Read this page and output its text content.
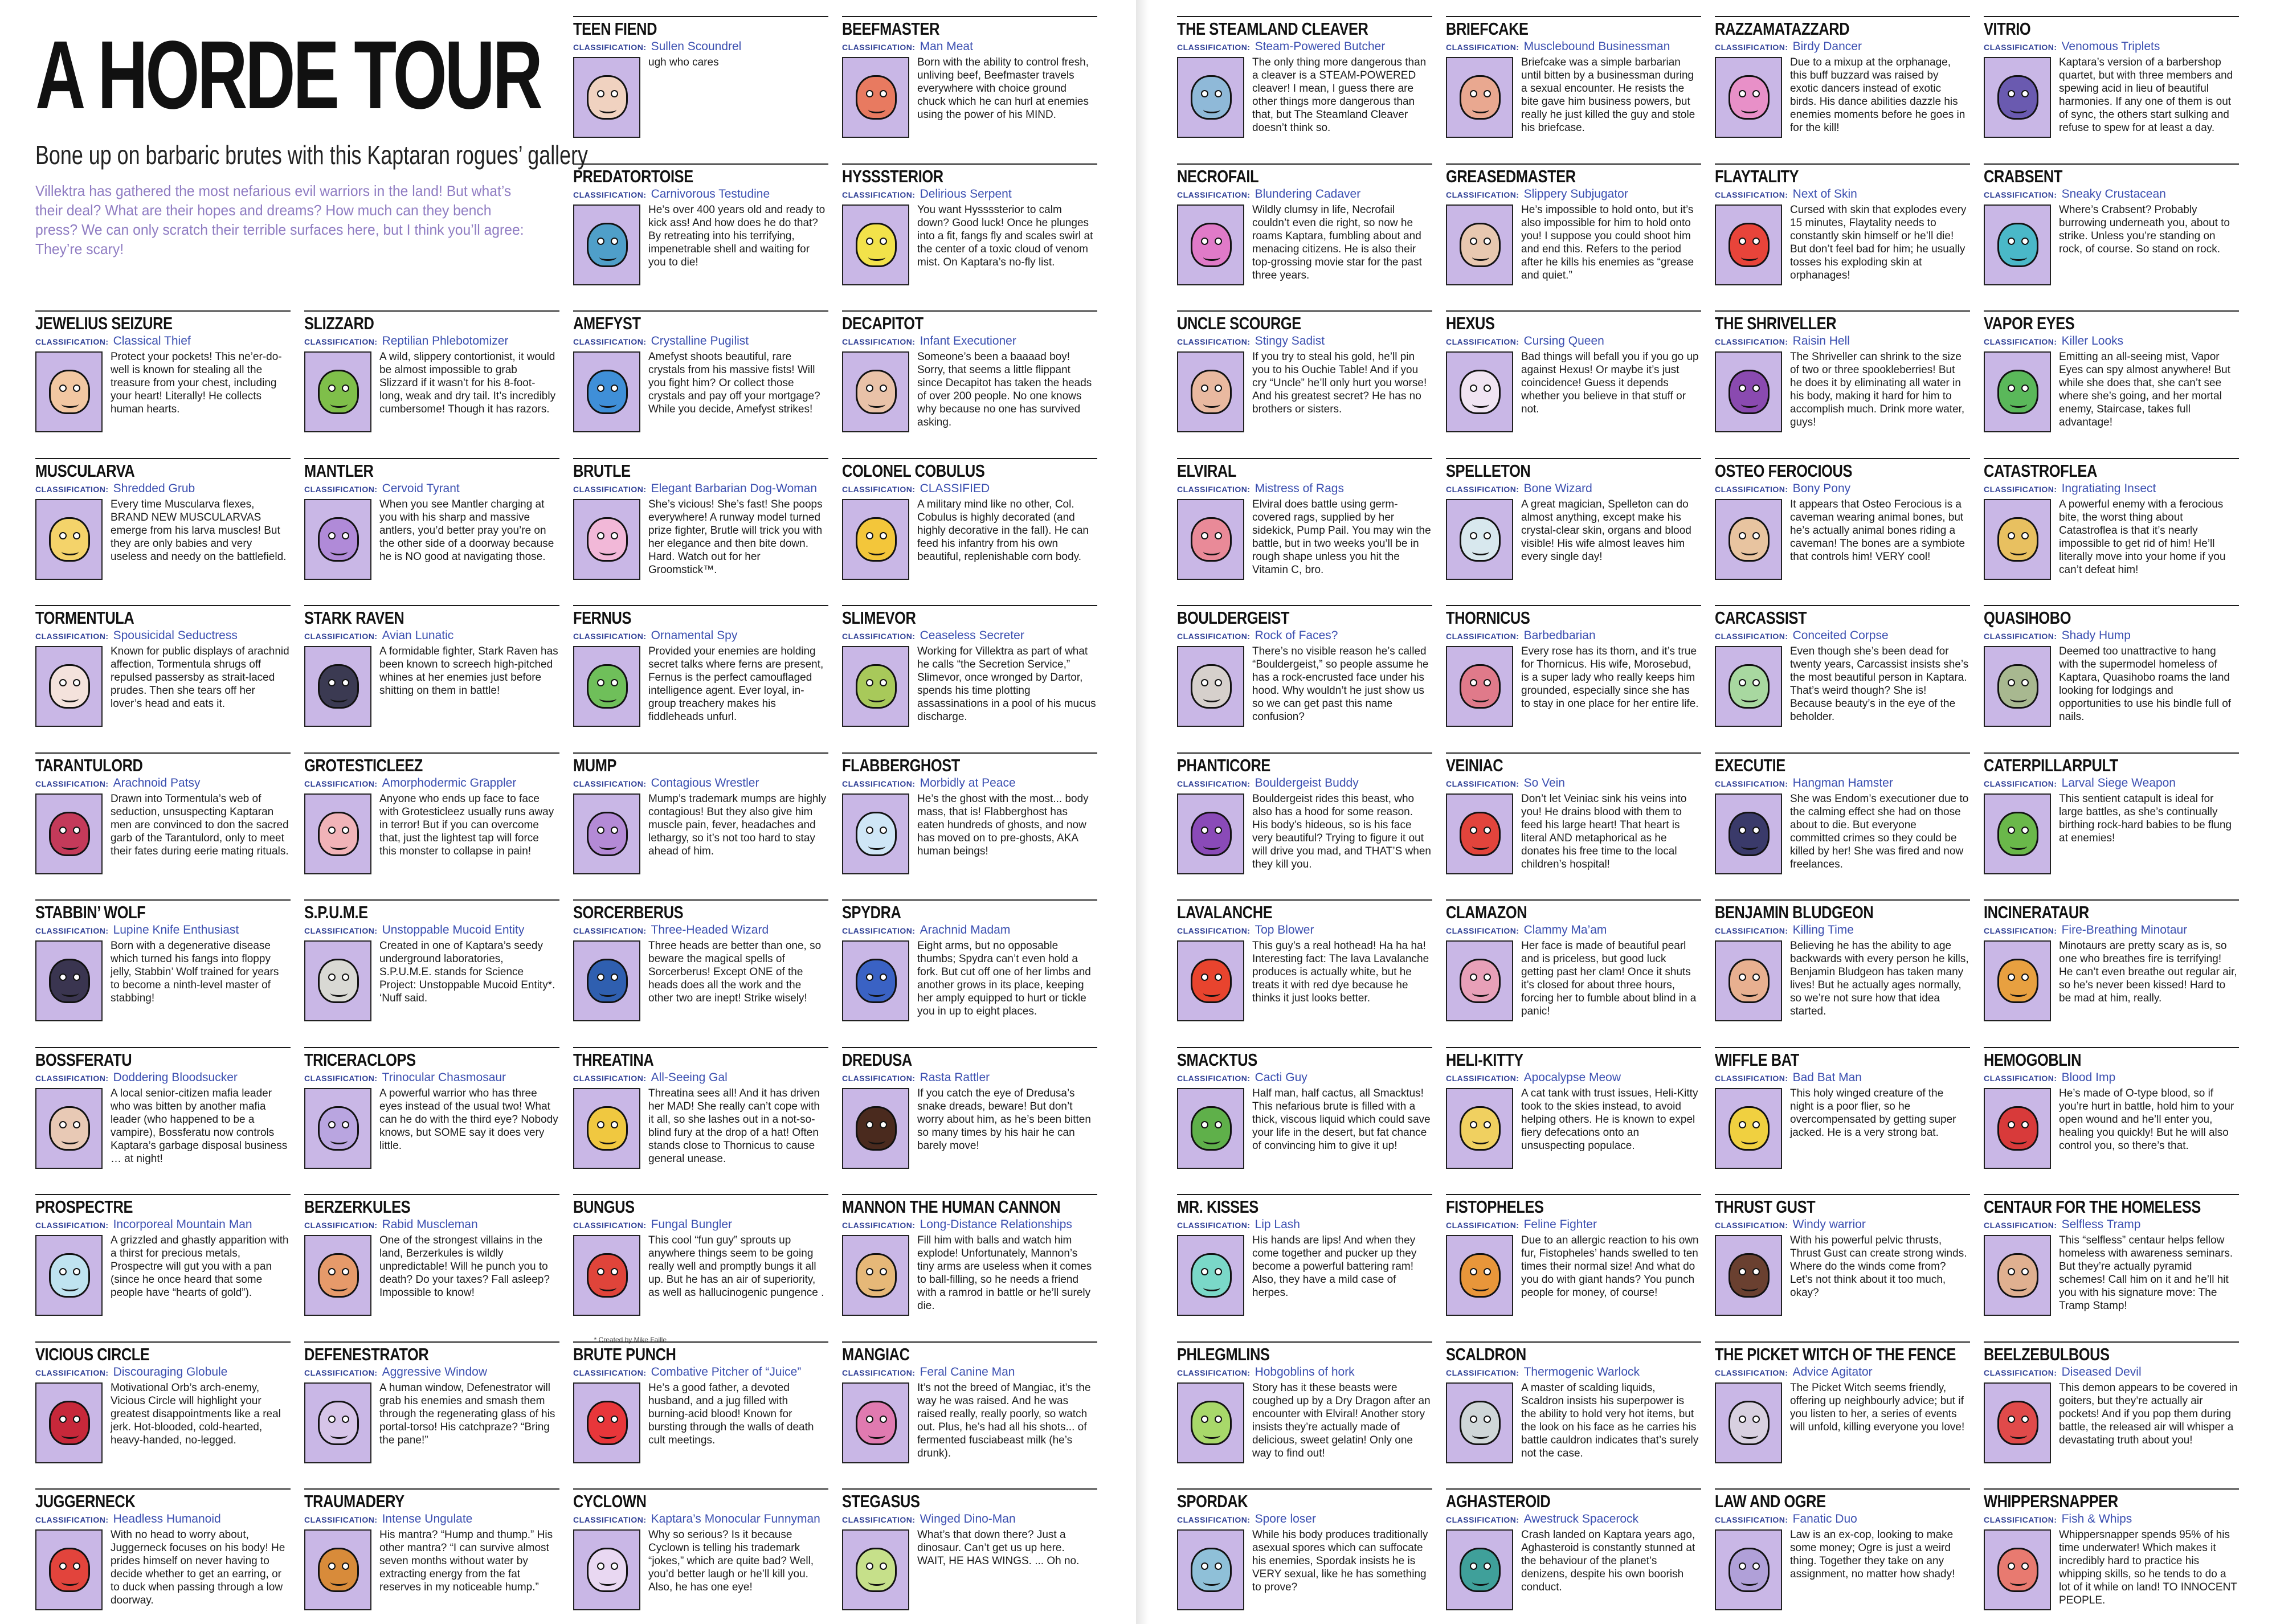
A HORDE TOUR
Bone up on barbaric brutes with this Kaptaran rogues’ gallery
Villektra has gathered the most nefarious evil warriors in the land! But what’s their deal? What are their hopes and dreams? How much can they bench press? We can only scratch their terrible surfaces here, but I think you’ll agree: They’re scary!
* Created by Mike Faille
JEWELIUS SEIZURE
CLASSIFICATION: Classical Thief
Protect your pockets! This ne’er-do-well is known for stealing all the treasure from your chest, including your heart! Literally! He collects human hearts.
MUSCULARVA
CLASSIFICATION: Shredded Grub
Every time Muscularva flexes, BRAND NEW MUSCULARVAS emerge from his larva muscles! But they are only babies and very useless and needy on the battlefield.
TORMENTULA
CLASSIFICATION: Spousicidal Seductress
Known for public displays of arachnid affection, Tormentula shrugs off repulsed passersby as strait-laced prudes. Then she tears off her lover’s head and eats it.
TARANTULORD
CLASSIFICATION: Arachnoid Patsy
Drawn into Tormentula’s web of seduction, unsuspecting Kaptaran men are convinced to don the sacred garb of the Tarantulord, only to meet their fates during eerie mating rituals.
STABBIN’ WOLF
CLASSIFICATION: Lupine Knife Enthusiast
Born with a degenerative disease which turned his fangs into floppy jelly, Stabbin’ Wolf trained for years to become a ninth-level master of stabbing!
BOSSFERATU
CLASSIFICATION: Doddering Bloodsucker
A local senior-citizen mafia leader who was bitten by another mafia leader (who happened to be a vampire), Bossferatu now controls Kaptara’s garbage disposal business … at night!
PROSPECTRE
CLASSIFICATION: Incorporeal Mountain Man
A grizzled and ghastly apparition with a thirst for precious metals, Prospectre will gut you with a pan (since he once heard that some people have “hearts of gold”).
VICIOUS CIRCLE
CLASSIFICATION: Discouraging Globule
Motivational Orb’s arch-enemy, Vicious Circle will highlight your greatest disappointments like a real jerk. Hot-blooded, cold-hearted, heavy-handed, no-legged.
JUGGERNECK
CLASSIFICATION: Headless Humanoid
With no head to worry about, Juggerneck focuses on his body! He prides himself on never having to decide whether to get an earring, or to duck when passing through a low doorway.
SLIZZARD
CLASSIFICATION: Reptilian Phlebotomizer
A wild, slippery contortionist, it would be almost impossible to grab Slizzard if it wasn’t for his 8-foot-long, weak and dry tail. It’s incredibly cumbersome! Though it has razors.
MANTLER
CLASSIFICATION: Cervoid Tyrant
When you see Mantler charging at you with his sharp and massive antlers, you’d better pray you’re on the other side of a doorway because he is NO good at navigating those.
STARK RAVEN
CLASSIFICATION: Avian Lunatic
A formidable fighter, Stark Raven has been known to screech high-pitched whines at her enemies just before shitting on them in battle!
GROTESTICLEEZ
CLASSIFICATION: Amorphodermic Grappler
Anyone who ends up face to face with Grotesticleez usually runs away in terror! But if you can overcome that, just the lightest tap will force this monster to collapse in pain!
S.P.U.M.E
CLASSIFICATION: Unstoppable Mucoid Entity
Created in one of Kaptara’s seedy underground laboratories, S.P.U.M.E. stands for Science Project: Unstoppable Mucoid Entity*. ‘Nuff said.
TRICERACLOPS
CLASSIFICATION: Trinocular Chasmosaur
A powerful warrior who has three eyes instead of the usual two! What can he do with the third eye? Nobody knows, but SOME say it does very little.
BERZERKULES
CLASSIFICATION: Rabid Muscleman
One of the strongest villains in the land, Berzerkules is wildly unpredictable! Will he punch you to death? Do your taxes? Fall asleep? Impossible to know!
DEFENESTRATOR
CLASSIFICATION: Aggressive Window
A human window, Defenestrator will grab his enemies and smash them through the regenerating glass of his portal-torso! His catchpraze? “Bring the pane!”
TRAUMADERY
CLASSIFICATION: Intense Ungulate
His mantra? “Hump and thump.” His other mantra? “I can survive almost seven months without water by extracting energy from the fat reserves in my noticeable hump.”
TEEN FIEND
CLASSIFICATION: Sullen Scoundrel
ugh who cares
PREDATORTOISE
CLASSIFICATION: Carnivorous Testudine
He’s over 400 years old and ready to kick ass! And how does he do that? By retreating into his terrifying, impenetrable shell and waiting for you to die!
AMEFYST
CLASSIFICATION: Crystalline Pugilist
Amefyst shoots beautiful, rare crystals from his massive fists! Will you fight him? Or collect those crystals and pay off your mortgage? While you decide, Amefyst strikes!
BRUTLE
CLASSIFICATION: Elegant Barbarian Dog-Woman
She’s vicious! She’s fast! She poops everywhere! A runway model turned prize fighter, Brutle will trick you with her elegance and then bite down. Hard. Watch out for her Groomstick™.
FERNUS
CLASSIFICATION: Ornamental Spy
Provided your enemies are holding secret talks where ferns are present, Fernus is the perfect camouflaged intelligence agent. Ever loyal, in-group treachery makes his fiddleheads unfurl.
MUMP
CLASSIFICATION: Contagious Wrestler
Mump’s trademark mumps are highly contagious! But they also give him muscle pain, fever, headaches and lethargy, so it’s not too hard to stay ahead of him.
SORCERBERUS
CLASSIFICATION: Three-Headed Wizard
Three heads are better than one, so beware the magical spells of Sorcerberus! Except ONE of the heads does all the work and the other two are inept! Strike wisely!
THREATINA
CLASSIFICATION: All-Seeing Gal
Threatina sees all! And it has driven her MAD! She really can’t cope with it all, so she lashes out in a not-so-blind fury at the drop of a hat! Often stands close to Thornicus to cause general unease.
BUNGUS
CLASSIFICATION: Fungal Bungler
This cool “fun guy” sprouts up anywhere things seem to be going really well and promptly bungs it all up. But he has an air of superiority, as well as hallucinogenic pungence .
BRUTE PUNCH
CLASSIFICATION: Combative Pitcher of “Juice”
He’s a good father, a devoted husband, and a jug filled with burning-acid blood! Known for bursting through the walls of death cult meetings.
CYCLOWN
CLASSIFICATION: Kaptara’s Monocular Funnyman
Why so serious? Is it because Cyclown is telling his trademark “jokes,” which are quite bad? Well, you’d better laugh or he’ll kill you. Also, he has one eye!
BEEFMASTER
CLASSIFICATION: Man Meat
Born with the ability to control fresh, unliving beef, Beefmaster travels everywhere with choice ground chuck which he can hurl at enemies using the power of his MIND.
HYSSSTERIOR
CLASSIFICATION: Delirious Serpent
You want Hyssssterior to calm down? Good luck! Once he plunges into a fit, fangs fly and scales swirl at the center of a toxic cloud of venom mist. On Kaptara’s no-fly list.
DECAPITOT
CLASSIFICATION: Infant Executioner
Someone’s been a baaaad boy! Sorry, that seems a little flippant since Decapitot has taken the heads of over 200 people. No one knows why because no one has survived asking.
COLONEL COBULUS
CLASSIFICATION: CLASSIFIED
A military mind like no other, Col. Cobulus is highly decorated (and highly decorative in the fall). He can feed his infantry from his own beautiful, replenishable corn body.
SLIMEVOR
CLASSIFICATION: Ceaseless Secreter
Working for Villektra as part of what he calls “the Secretion Service,” Slimevor, once wronged by Dartor, spends his time plotting assassinations in a pool of his mucus discharge.
FLABBERGHOST
CLASSIFICATION: Morbidly at Peace
He’s the ghost with the most... body mass, that is! Flabberghost has eaten hundreds of ghosts, and now has moved on to pre-ghosts, AKA human beings!
SPYDRA
CLASSIFICATION: Arachnid Madam
Eight arms, but no opposable thumbs; Spydra can’t even hold a fork. But cut off one of her limbs and another grows in its place, keeping her amply equipped to hurt or tickle you in up to eight places.
DREDUSA
CLASSIFICATION: Rasta Rattler
If you catch the eye of Dredusa’s snake dreads, beware! But don’t worry about him, as he’s been bitten so many times by his hair he can barely move!
MANNON THE HUMAN CANNON
CLASSIFICATION: Long-Distance Relationships
Fill him with balls and watch him explode! Unfortunately, Mannon’s tiny arms are useless when it comes to ball-filling, so he needs a friend with a ramrod in battle or he’ll surely die.
MANGIAC
CLASSIFICATION: Feral Canine Man
It’s not the breed of Mangiac, it’s the way he was raised. And he was raised really, really poorly, so watch out. Plus, he’s had all his shots... of fermented fusciabeast milk (he’s drunk).
STEGASUS
CLASSIFICATION: Winged Dino-Man
What’s that down there? Just a dinosaur. Can’t get us up here. WAIT, HE HAS WINGS. ... Oh no.
THE STEAMLAND CLEAVER
CLASSIFICATION: Steam-Powered Butcher
The only thing more dangerous than a cleaver is a STEAM-POWERED cleaver! I mean, I guess there are other things more dangerous than that, but The Steamland Cleaver doesn’t think so.
NECROFAIL
CLASSIFICATION: Blundering Cadaver
Wildly clumsy in life, Necrofail couldn’t even die right, so now he roams Kaptara, fumbling about and menacing citizens. He is also their top-grossing movie star for the past three years.
UNCLE SCOURGE
CLASSIFICATION: Stingy Sadist
If you try to steal his gold, he’ll pin you to his Ouchie Table! And if you cry “Uncle” he’ll only hurt you worse! And his greatest secret? He has no brothers or sisters.
ELVIRAL
CLASSIFICATION: Mistress of Rags
Elviral does battle using germ-covered rags, supplied by her sidekick, Pump Pail. You may win the battle, but in two weeks you’ll be in rough shape unless you hit the Vitamin C, bro.
BOULDERGEIST
CLASSIFICATION: Rock of Faces?
There’s no visible reason he’s called “Bouldergeist,” so people assume he has a rock-encrusted face under his hood. Why wouldn’t he just show us so we can get past this name confusion?
PHANTICORE
CLASSIFICATION: Bouldergeist Buddy
Bouldergeist rides this beast, who also has a hood for some reason. His body’s hideous, so is his face very beautiful? Trying to figure it out will drive you mad, and THAT’S when they kill you.
LAVALANCHE
CLASSIFICATION: Top Blower
This guy’s a real hothead! Ha ha ha! Interesting fact: The lava Lavalanche produces is actually white, but he treats it with red dye because he thinks it just looks better.
SMACKTUS
CLASSIFICATION: Cacti Guy
Half man, half cactus, all Smacktus! This nefarious brute is filled with a thick, viscous liquid which could save your life in the desert, but fat chance of convincing him to give it up!
MR. KISSES
CLASSIFICATION: Lip Lash
His hands are lips! And when they come together and pucker up they become a powerful battering ram! Also, they have a mild case of herpes.
PHLEGMLINS
CLASSIFICATION: Hobgoblins of hork
Story has it these beasts were coughed up by a Dry Dragon after an encounter with Elviral! Another story insists they’re actually made of delicious, sweet gelatin! Only one way to find out!
SPORDAK
CLASSIFICATION: Spore loser
While his body produces traditionally asexual spores which can suffocate his enemies, Spordak insists he is VERY sexual, like he has something to prove?
BRIEFCAKE
CLASSIFICATION: Musclebound Businessman
Briefcake was a simple barbarian until bitten by a businessman during a sexual encounter. He resists the bite gave him business powers, but really he just killed the guy and stole his briefcase.
GREASEDMASTER
CLASSIFICATION: Slippery Subjugator
He’s impossible to hold onto, but it’s also impossible for him to hold onto you! I suppose you could shoot him and end this. Refers to the period after he kills his enemies as “grease and quiet.”
HEXUS
CLASSIFICATION: Cursing Queen
Bad things will befall you if you go up against Hexus! Or maybe it’s just coincidence! Guess it depends whether you believe in that stuff or not.
SPELLETON
CLASSIFICATION: Bone Wizard
A great magician, Spelleton can do almost anything, except make his crystal-clear skin, organs and blood visible! His wife almost leaves him every single day!
THORNICUS
CLASSIFICATION: Barbedbarian
Every rose has its thorn, and it’s true for Thornicus. His wife, Morosebud, is a super lady who really keeps him grounded, especially since she has to stay in one place for her entire life.
VEINIAC
CLASSIFICATION: So Vein
Don’t let Veiniac sink his veins into you! He drains blood with them to feed his large heart! That heart is literal AND metaphorical as he donates his free time to the local children’s hospital!
CLAMAZON
CLASSIFICATION: Clammy Ma’am
Her face is made of beautiful pearl and is priceless, but good luck getting past her clam! Once it shuts it’s closed for about three hours, forcing her to fumble about blind in a panic!
HELI-KITTY
CLASSIFICATION: Apocalypse Meow
A cat tank with trust issues, Heli-Kitty took to the skies instead, to avoid helping others. He is known to expel fiery defecations onto an unsuspecting populace.
FISTOPHELES
CLASSIFICATION: Feline Fighter
Due to an allergic reaction to his own fur, Fistopheles’ hands swelled to ten times their normal size! And what do you do with giant hands? You punch people for money, of course!
SCALDRON
CLASSIFICATION: Thermogenic Warlock
A master of scalding liquids, Scaldron insists his superpower is the ability to hold very hot items, but the look on his face as he carries his battle cauldron indicates that’s surely not the case.
AGHASTEROID
CLASSIFICATION: Awestruck Spacerock
Crash landed on Kaptara years ago, Aghasteroid is constantly stunned at the behaviour of the planet’s denizens, despite his own boorish conduct.
RAZZAMATAZZARD
CLASSIFICATION: Birdy Dancer
Due to a mixup at the orphanage, this buff buzzard was raised by exotic dancers instead of exotic birds. His dance abilities dazzle his enemies moments before he goes in for the kill!
FLAYTALITY
CLASSIFICATION: Next of Skin
Cursed with skin that explodes every 15 minutes, Flaytality needs to constantly skin himself or he’ll die! But don’t feel bad for him; he usually tosses his exploding skin at orphanages!
THE SHRIVELLER
CLASSIFICATION: Raisin Hell
The Shriveller can shrink to the size of two or three spookleberries! But he does it by eliminating all water in his body, making it hard for him to accomplish much. Drink more water, guys!
OSTEO FEROCIOUS
CLASSIFICATION: Bony Pony
It appears that Osteo Ferocious is a caveman wearing animal bones, but he’s actually animal bones riding a caveman! The bones are a symbiote that controls him! VERY cool!
CARCASSIST
CLASSIFICATION: Conceited Corpse
Even though she’s been dead for twenty years, Carcassist insists she’s the most beautiful person in Kaptara. That’s weird though? She is! Because beauty’s in the eye of the beholder.
EXECUTIE
CLASSIFICATION: Hangman Hamster
She was Endom’s executioner due to the calming effect she had on those about to die. But everyone committed crimes so they could be killed by her! She was fired and now freelances.
BENJAMIN BLUDGEON
CLASSIFICATION: Killing Time
Believing he has the ability to age backwards with every person he kills, Benjamin Bludgeon has taken many lives! But he actually ages normally, so we’re not sure how that idea started.
WIFFLE BAT
CLASSIFICATION: Bad Bat Man
This holy winged creature of the night is a poor flier, so he overcompensated by getting super jacked. He is a very strong bat.
THRUST GUST
CLASSIFICATION: Windy warrior
With his powerful pelvic thrusts, Thrust Gust can create strong winds. Where do the winds come from? Let’s not think about it too much, okay?
THE PICKET WITCH OF THE FENCE
CLASSIFICATION: Advice Agitator
The Picket Witch seems friendly, offering up neighbourly advice; but if you listen to her, a series of events will unfold, killing everyone you love!
LAW AND OGRE
CLASSIFICATION: Fanatic Duo
Law is an ex-cop, looking to make some money; Ogre is just a weird thing. Together they take on any assignment, no matter how shady!
VITRIO
CLASSIFICATION: Venomous Triplets
Kaptara’s version of a barbershop quartet, but with three members and spewing acid in lieu of beautiful harmonies. If any one of them is out of sync, the others start sulking and refuse to spew for at least a day.
CRABSENT
CLASSIFICATION: Sneaky Crustacean
Where’s Crabsent? Probably burrowing underneath you, about to strike. Unless you’re standing on rock, of course. So stand on rock.
VAPOR EYES
CLASSIFICATION: Killer Looks
Emitting an all-seeing mist, Vapor Eyes can spy almost anywhere! But while she does that, she can’t see where she’s going, and her mortal enemy, Staircase, takes full advantage!
CATASTROFLEA
CLASSIFICATION: Ingratiating Insect
A powerful enemy with a ferocious bite, the worst thing about Catastroflea is that it’s nearly impossible to get rid of him! He’ll literally move into your home if you can’t defeat him!
QUASIHOBO
CLASSIFICATION: Shady Hump
Deemed too unattractive to hang with the supermodel homeless of Kaptara, Quasihobo roams the land looking for lodgings and opportunities to use his bindle full of nails.
CATERPILLARPULT
CLASSIFICATION: Larval Siege Weapon
This sentient catapult is ideal for large battles, as she’s continually birthing rock-hard babies to be flung at enemies!
INCINERATAUR
CLASSIFICATION: Fire-Breathing Minotaur
Minotaurs are pretty scary as is, so one who breathes fire is terrifying! He can’t even breathe out regular air, so he’s never been kissed! Hard to be mad at him, really.
HEMOGOBLIN
CLASSIFICATION: Blood Imp
He’s made of O-type blood, so if you’re hurt in battle, hold him to your open wound and he’ll enter you, healing you quickly! But he will also control you, so there’s that.
CENTAUR FOR THE HOMELESS
CLASSIFICATION: Selfless Tramp
This “selfless” centaur helps fellow homeless with awareness seminars. But they’re actually pyramid schemes! Call him on it and he’ll hit you with his signature move: The Tramp Stamp!
BEELZEBULBOUS
CLASSIFICATION: Diseased Devil
This demon appears to be covered in goiters, but they’re actually air pockets! And if you pop them during battle, the released air will whisper a devastating truth about you!
WHIPPERSNAPPER
CLASSIFICATION: Fish & Whips
Whippersnapper spends 95% of his time underwater! Which makes it incredibly hard to practice his whipping skills, so he tends to do a lot of it while on land! TO INNOCENT PEOPLE.
